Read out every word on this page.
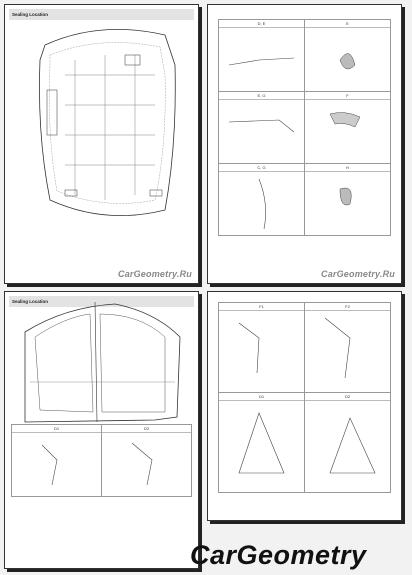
Sealing Location
CarGeometry.Ru
D, E	E
E, G	F
C, G	H
CarGeometry.Ru
Sealing Location
D1	D2
F1	F2
D1	D2
CarGeometry
